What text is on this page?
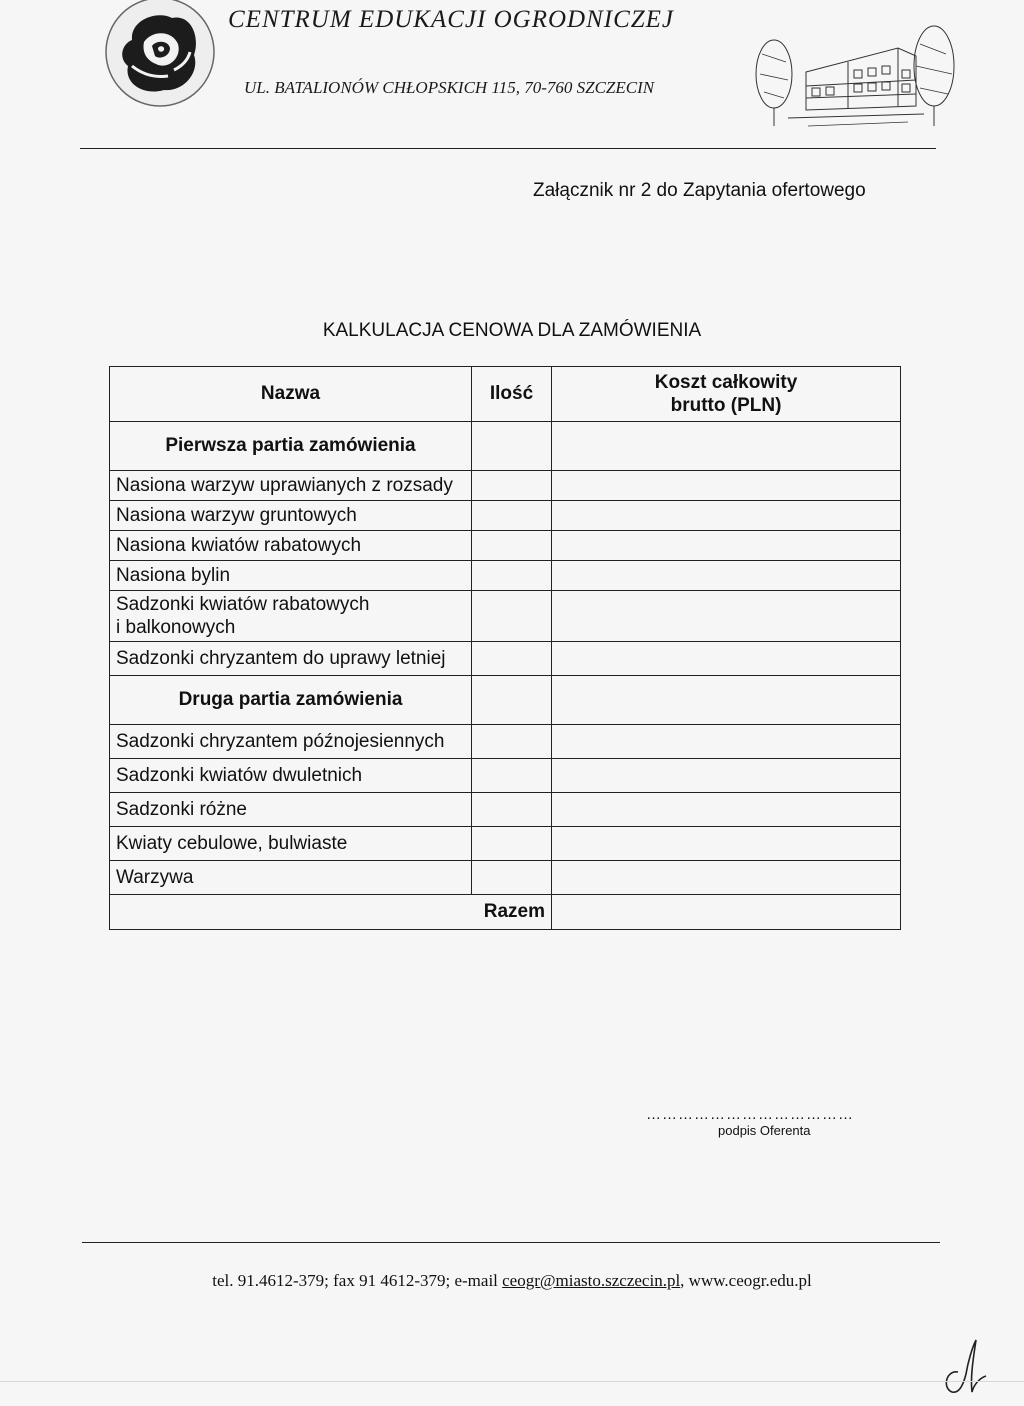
CENTRUM EDUKACJI OGRODNICZEJ
UL. BATALIONÓW CHŁOPSKICH 115, 70-760 SZCZECIN
Załącznik nr 2 do Zapytania ofertowego
KALKULACJA CENOWA DLA ZAMÓWIENIA
Nazwa	Ilość	Koszt całkowity
brutto (PLN)
Pierwsza partia zamówienia		
Nasiona warzyw uprawianych z rozsady		
Nasiona warzyw gruntowych		
Nasiona kwiatów rabatowych		
Nasiona bylin		
Sadzonki kwiatów rabatowych
i balkonowych		
Sadzonki chryzantem do uprawy letniej		
Druga partia zamówienia		
Sadzonki chryzantem późnojesiennych		
Sadzonki kwiatów dwuletnich		
Sadzonki różne		
Kwiaty cebulowe, bulwiaste		
Warzywa		
Razem		
…………………………………
podpis Oferenta
tel. 91.4612-379; fax 91 4612-379; e-mail ceogr@miasto.szczecin.pl, www.ceogr.edu.pl
